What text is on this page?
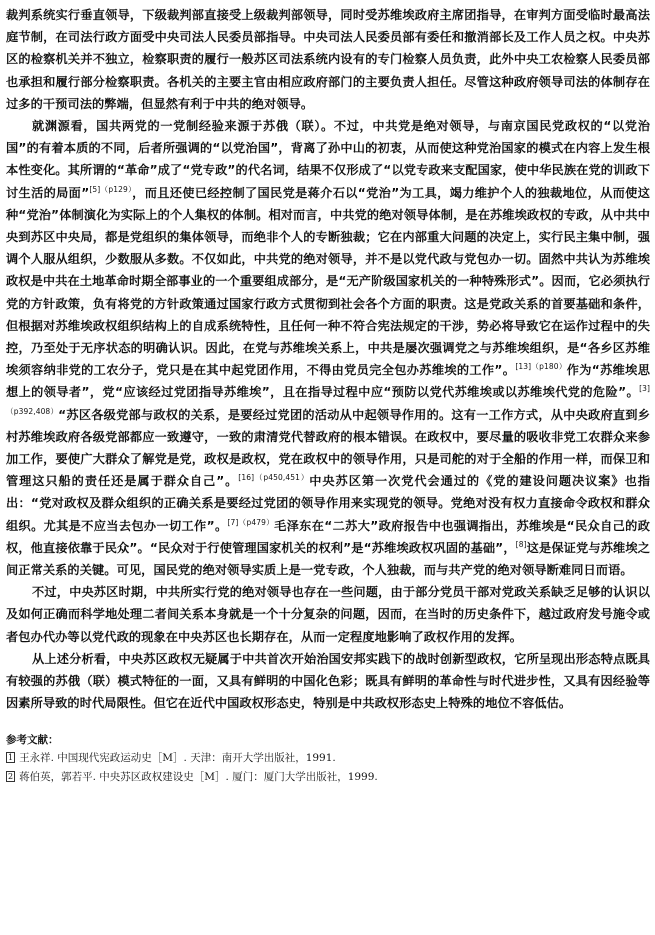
裁判系统实行垂直领导，下级裁判部直接受上级裁判部领导，同时受苏维埃政府主席团指导，在审判方面受临时最高法庭节制，在司法行政方面受中央司法人民委员部指导。中央司法人民委员部有委任和撤消部长及工作人员之权。中央苏区的检察机关并不独立，检察职责的履行一般苏区司法系统内设有的专门检察人员负责，此外中央工农检察人民委员部也承担和履行部分检察职责。各机关的主要主官由相应政府部门的主要负责人担任。尽管这种政府领导司法的体制存在过多的干预司法的弊端，但显然有利于中共的绝对领导。

就渊源看，国共两党的一党制经验来源于苏俄（联）。不过，中共党是绝对领导，与南京国民党政权的“以党治国”的有着本质的不同，后者所强调的“以党治国”，背离了孙中山的初衷，从而使这种党治国家的模式在内容上发生根本性变化。其所谓的“革命”成了“党专政”的代名词，结果不仅形成了“以党专政来支配国家，使中华民族在党的训政下讨生活的局面”$^{[5](p129)}$，而且还使已经控制了国民党是蒋介石以“党治”为工具，竭力维护个人的独裁地位，从而使这种“党治”体制演化为实际上的个人集权的体制。相对而言，中共党的绝对领导体制，是在苏维埃政权的专政，从中共中央到苏区中央局，都是党组织的集体领导，而绝非个人的专断独裁；它在内部重大问题的决定上，实行民主集中制，强调个人服从组织，少数服从多数。不仅如此，中共党的绝对领导，并不是以党代政与党包办一切。固然中共认为苏维埃政权是中共在土地革命时期全部事业的一个重要组成部分，是“无产阶级国家机关的一种特殊形式”。因而，它必须执行党的方针政策，负有将党的方针政策通过国家行政方式贯彻到社会各个方面的职责。这是党政关系的首要基础和条件，但根据对苏维埃政权组织结构上的自成系统特性，且任何一种不符合宪法规定的干涉，势必将导致它在运作过程中的失控，乃至处于无序状态的明确认识。因此，在党与苏维埃关系上，中共是屡次强调党之与苏维埃组织，是“各乡区苏维埃须容纳非党的工农分子，党只是在其中起党团作用，不得由党员完全包办苏维埃的工作”。$^{[13](p180)}$作为“苏维埃思想上的领导者”，党“应该经过党团指导苏维埃”，且在指导过程中应“预防以党代苏维埃或以苏维埃代党的危险”。$^{[3](p392,408)}$“苏区各级党部与政权的关系，是要经过党团的活动从中起领导作用的。这有一工作方式，从中央政府直到乡村苏维埃政府各级党部都应一致遵守，一致的肃清党代替政府的根本错误。在政权中，要尽量的吸收非党工农群众来参加工作，要使广大群众了解党是党，政权是政权，党在政权中的领导作用，只是司舵的对于全船的作用一样，而保卫和管理这只船的责任还是属于群众自己”。$^{[16](p450,451)}$中央苏区第一次党代会通过的《党的建设问题决议案》也指出：“党对政权及群众组织的正确关系是要经过党团的领导作用来实现党的领导。党绝对没有权力直接命令政权和群众组织。尤其是不应当去包办一切工作”。$^{[7](p479)}$毛泽东在“二苏大”政府报告中也强调指出，苏维埃是“民众自己的政权，他直接依靠于民众”。“民众对于行使管理国家机关的权利”是“苏维埃政权巩固的基础”，[8]这是保证党与苏维埃之间正常关系的关键。可见，国民党的绝对领导实质上是一党专政，个人独裁，而与共产党的绝对领导断难同日而语。

不过，中央苏区时期，中共所实行党的绝对领导也存在一些问题，由于部分党员干部对党政关系缺乏足够的认识以及如何正确而科学地处理二者间关系本身就是一个十分复杂的问题，因而，在当时的历史条件下，越过政府发号施令或者包办代办等以党代政的现象在中央苏区也长期存在，从而一定程度地影响了政权作用的发挥。

从上述分析看，中央苏区政权无疑属于中共首次开始治国安邦实践下的战时创新型政权，它所呈现出形态特点既具有较强的苏俄（联）模式特征的一面，又具有鲜明的中国化色彩；既具有鲜明的革命性与时代进步性，又具有因经验等因素所导致的时代局限性。但它在近代中国政权形态史，特别是中共政权形态史上特殊的地位不容低估。

参考文献：

1 王永祥. 中国现代宪政运动史［M］. 天津：南开大学出版社，1991.

2 蒋伯英，郭若平. 中央苏区政权建设史［M］. 厦门：厦门大学出版社，1999.
